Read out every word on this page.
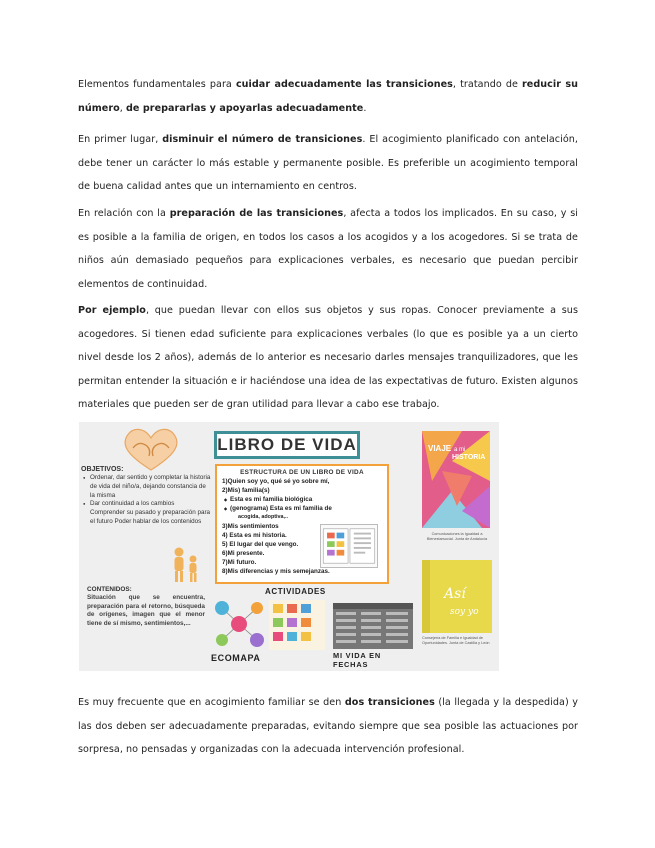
Elementos fundamentales para cuidar adecuadamente las transiciones, tratando de reducir su número, de prepararlas y apoyarlas adecuadamente.

En primer lugar, disminuir el número de transiciones. El acogimiento planificado con antelación, debe tener un carácter lo más estable y permanente posible. Es preferible un acogimiento temporal de buena calidad antes que un internamiento en centros.

En relación con la preparación de las transiciones, afecta a todos los implicados. En su caso, y si es posible a la familia de origen, en todos los casos a los acogidos y a los acogedores. Si se trata de niños aún demasiado pequeños para explicaciones verbales, es necesario que puedan percibir elementos de continuidad.

Por ejemplo, que puedan llevar con ellos sus objetos y sus ropas. Conocer previamente a sus acogedores. Si tienen edad suficiente para explicaciones verbales (lo que es posible ya a un cierto nivel desde los 2 años), además de lo anterior es necesario darles mensajes tranquilizadores, que les permitan entender la situación e ir haciéndose una idea de las expectativas de futuro. Existen algunos materiales que pueden ser de gran utilidad para llevar a cabo ese trabajo.

OBJETIVOS:
● Ordenar, dar sentido y completar la historia de vida del niño/a, dejando constancia de la misma
● Dar continuidad a los cambios Comprender su pasado y preparación para el futuro Poder hablar de los contenidos
CONTENIDOS:
Situación que se encuentra, preparación para el retorno, búsqueda de orígenes, imagen que el menor tiene de sí mismo, sentimientos,...
LIBRO DE VIDA
ESTRUCTURA DE UN LIBRO DE VIDA
1)Quien soy yo, qué sé yo sobre mí,
2)Mis) familia(s)
◆ Esta es mi familia biológica
◆ (genograma) Esta es mi familia de
acogida, adoptiva,..
3)Mis sentimientos
4) Esta es mi historia.
5) El lugar del que vengo.
6)Mi presente.
7)Mi futuro.
8)Mis diferencias y mis semejanzas.
ACTIVIDADES
ECOMAPA	MI VIDA EN FECHAS
VIAJE a mi
HISTORIA
Comunicaciones la Igualdad a Bienestarsocial. Junta de Andalucía
Así
soy yo
Consejería de Familia e Igualdad de Oportunidades. Junta de Castilla y León

Es muy frecuente que en acogimiento familiar se den dos transiciones (la llegada y la despedida) y las dos deben ser adecuadamente preparadas, evitando siempre que sea posible las actuaciones por sorpresa, no pensadas y organizadas con la adecuada intervención profesional.
